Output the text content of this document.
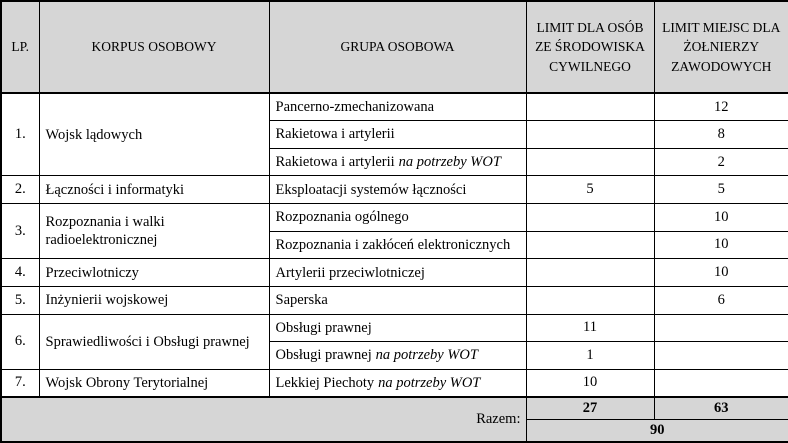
LP.	KORPUS OSOBOWY	GRUPA OSOBOWA	LIMIT DLA OSÓB ZE ŚRODOWISKA CYWILNEGO	LIMIT MIEJSC DLA ŻOŁNIERZY ZAWODOWYCH
1.	Wojsk lądowych	Pancerno-zmechanizowana		12
		Rakietowa i artylerii		8
		Rakietowa i artylerii na potrzeby WOT		2
2.	Łączności i informatyki	Eksploatacji systemów łączności	5	5
3.	Rozpoznania i walki radioelektronicznej	Rozpoznania ogólnego		10
		Rozpoznania i zakłóceń elektronicznych		10
4.	Przeciwlotniczy	Artylerii przeciwlotniczej		10
5.	Inżynierii wojskowej	Saperska		6
6.	Sprawiedliwości i Obsługi prawnej	Obsługi prawnej	11	
		Obsługi prawnej na potrzeby WOT	1	
7.	Wojsk Obrony Terytorialnej	Lekkiej Piechoty na potrzeby WOT	10	
Razem:			27	63
			90	
